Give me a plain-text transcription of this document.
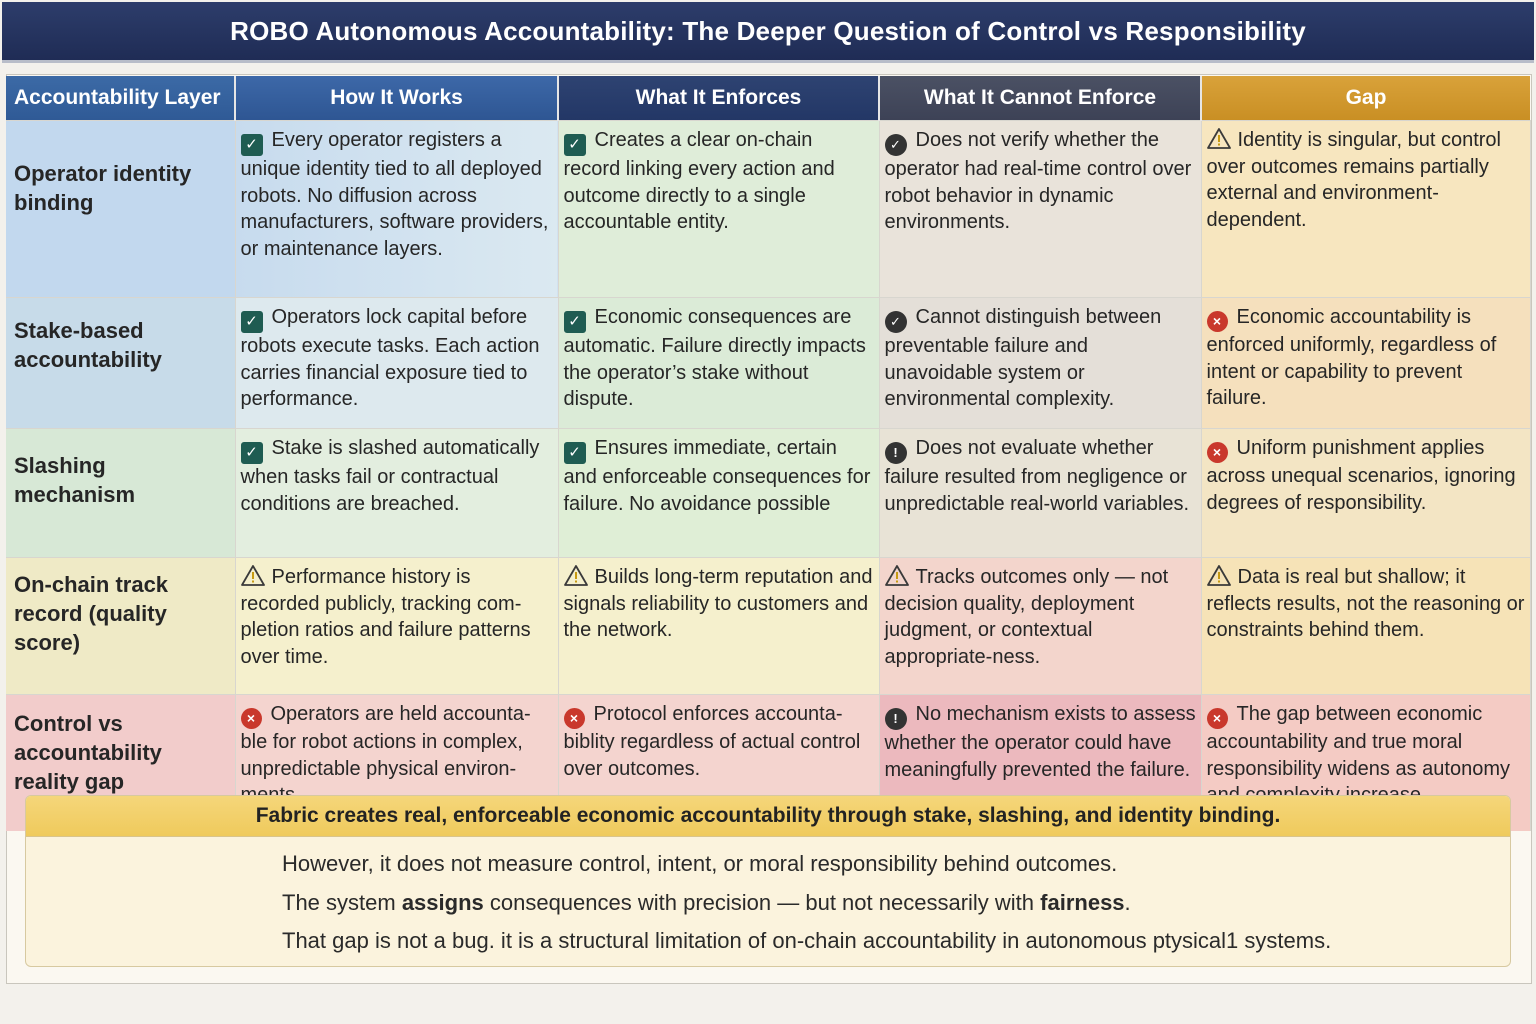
ROBO Autonomous Accountability: The Deeper Question of Control vs Responsibility
Accountability Layer	How It Works	What It Enforces	What It Cannot Enforce	Gap
Operator identity binding	✓ Every operator registers a unique identity tied to all deployed robots. No diffusion across manufacturers, software providers, or maintenance layers.	✓ Creates a clear on-chain record linking every action and outcome directly to a single accountable entity.	✓ Does not verify whether the operator had real-time control over robot behavior in dynamic environments.	Identity is singular, but control over outcomes remains partially external and environment-dependent.
Stake-based accountability	✓ Operators lock capital before robots execute tasks. Each action carries financial exposure tied to performance.	✓ Economic consequences are automatic. Failure directly impacts the operator’s stake without dispute.	✓ Cannot distinguish between preventable failure and unavoidable system or environmental complexity.	× Economic accountability is enforced uniformly, regardless of intent or capability to prevent failure.
Slashing mechanism	✓ Stake is slashed automatically when tasks fail or contractual conditions are breached.	✓ Ensures immediate, certain and enforceable consequences for failure. No avoidance possible	! Does not evaluate whether failure resulted from negligence or unpredictable real-world variables.	× Uniform punishment applies across unequal scenarios, ignoring degrees of responsibility.
On-chain track record (quality score)	Performance history is recorded publicly, tracking com-pletion ratios and failure patterns over time.	Builds long-term reputation and signals reliability to customers and the network.	Tracks outcomes only — not decision quality, deployment judgment, or contextual appropriate-ness.	Data is real but shallow; it reflects results, not the reasoning or constraints behind them.
Control vs accountability reality gap	× Operators are held accounta-ble for robot actions in complex, unpredictable physical environ-	× Protocol enforces accounta-biblity regardless of actual control over outcomes.	! No mechanism exists to assess whether the operator could have meaningfully prevented the failure.	× The gap between economic accountability and true moral responsibility widens as autonomy
Fabric creates real, enforceable economic accountability through stake, slashing, and identity binding.

However, it does not measure control, intent, or moral responsibility behind outcomes.

The system assigns consequences with precision — but not necessarily with fairness.

That gap is not a bug. it is a structural limitation of on-chain accountability in autonomous ptysical1 systems.
